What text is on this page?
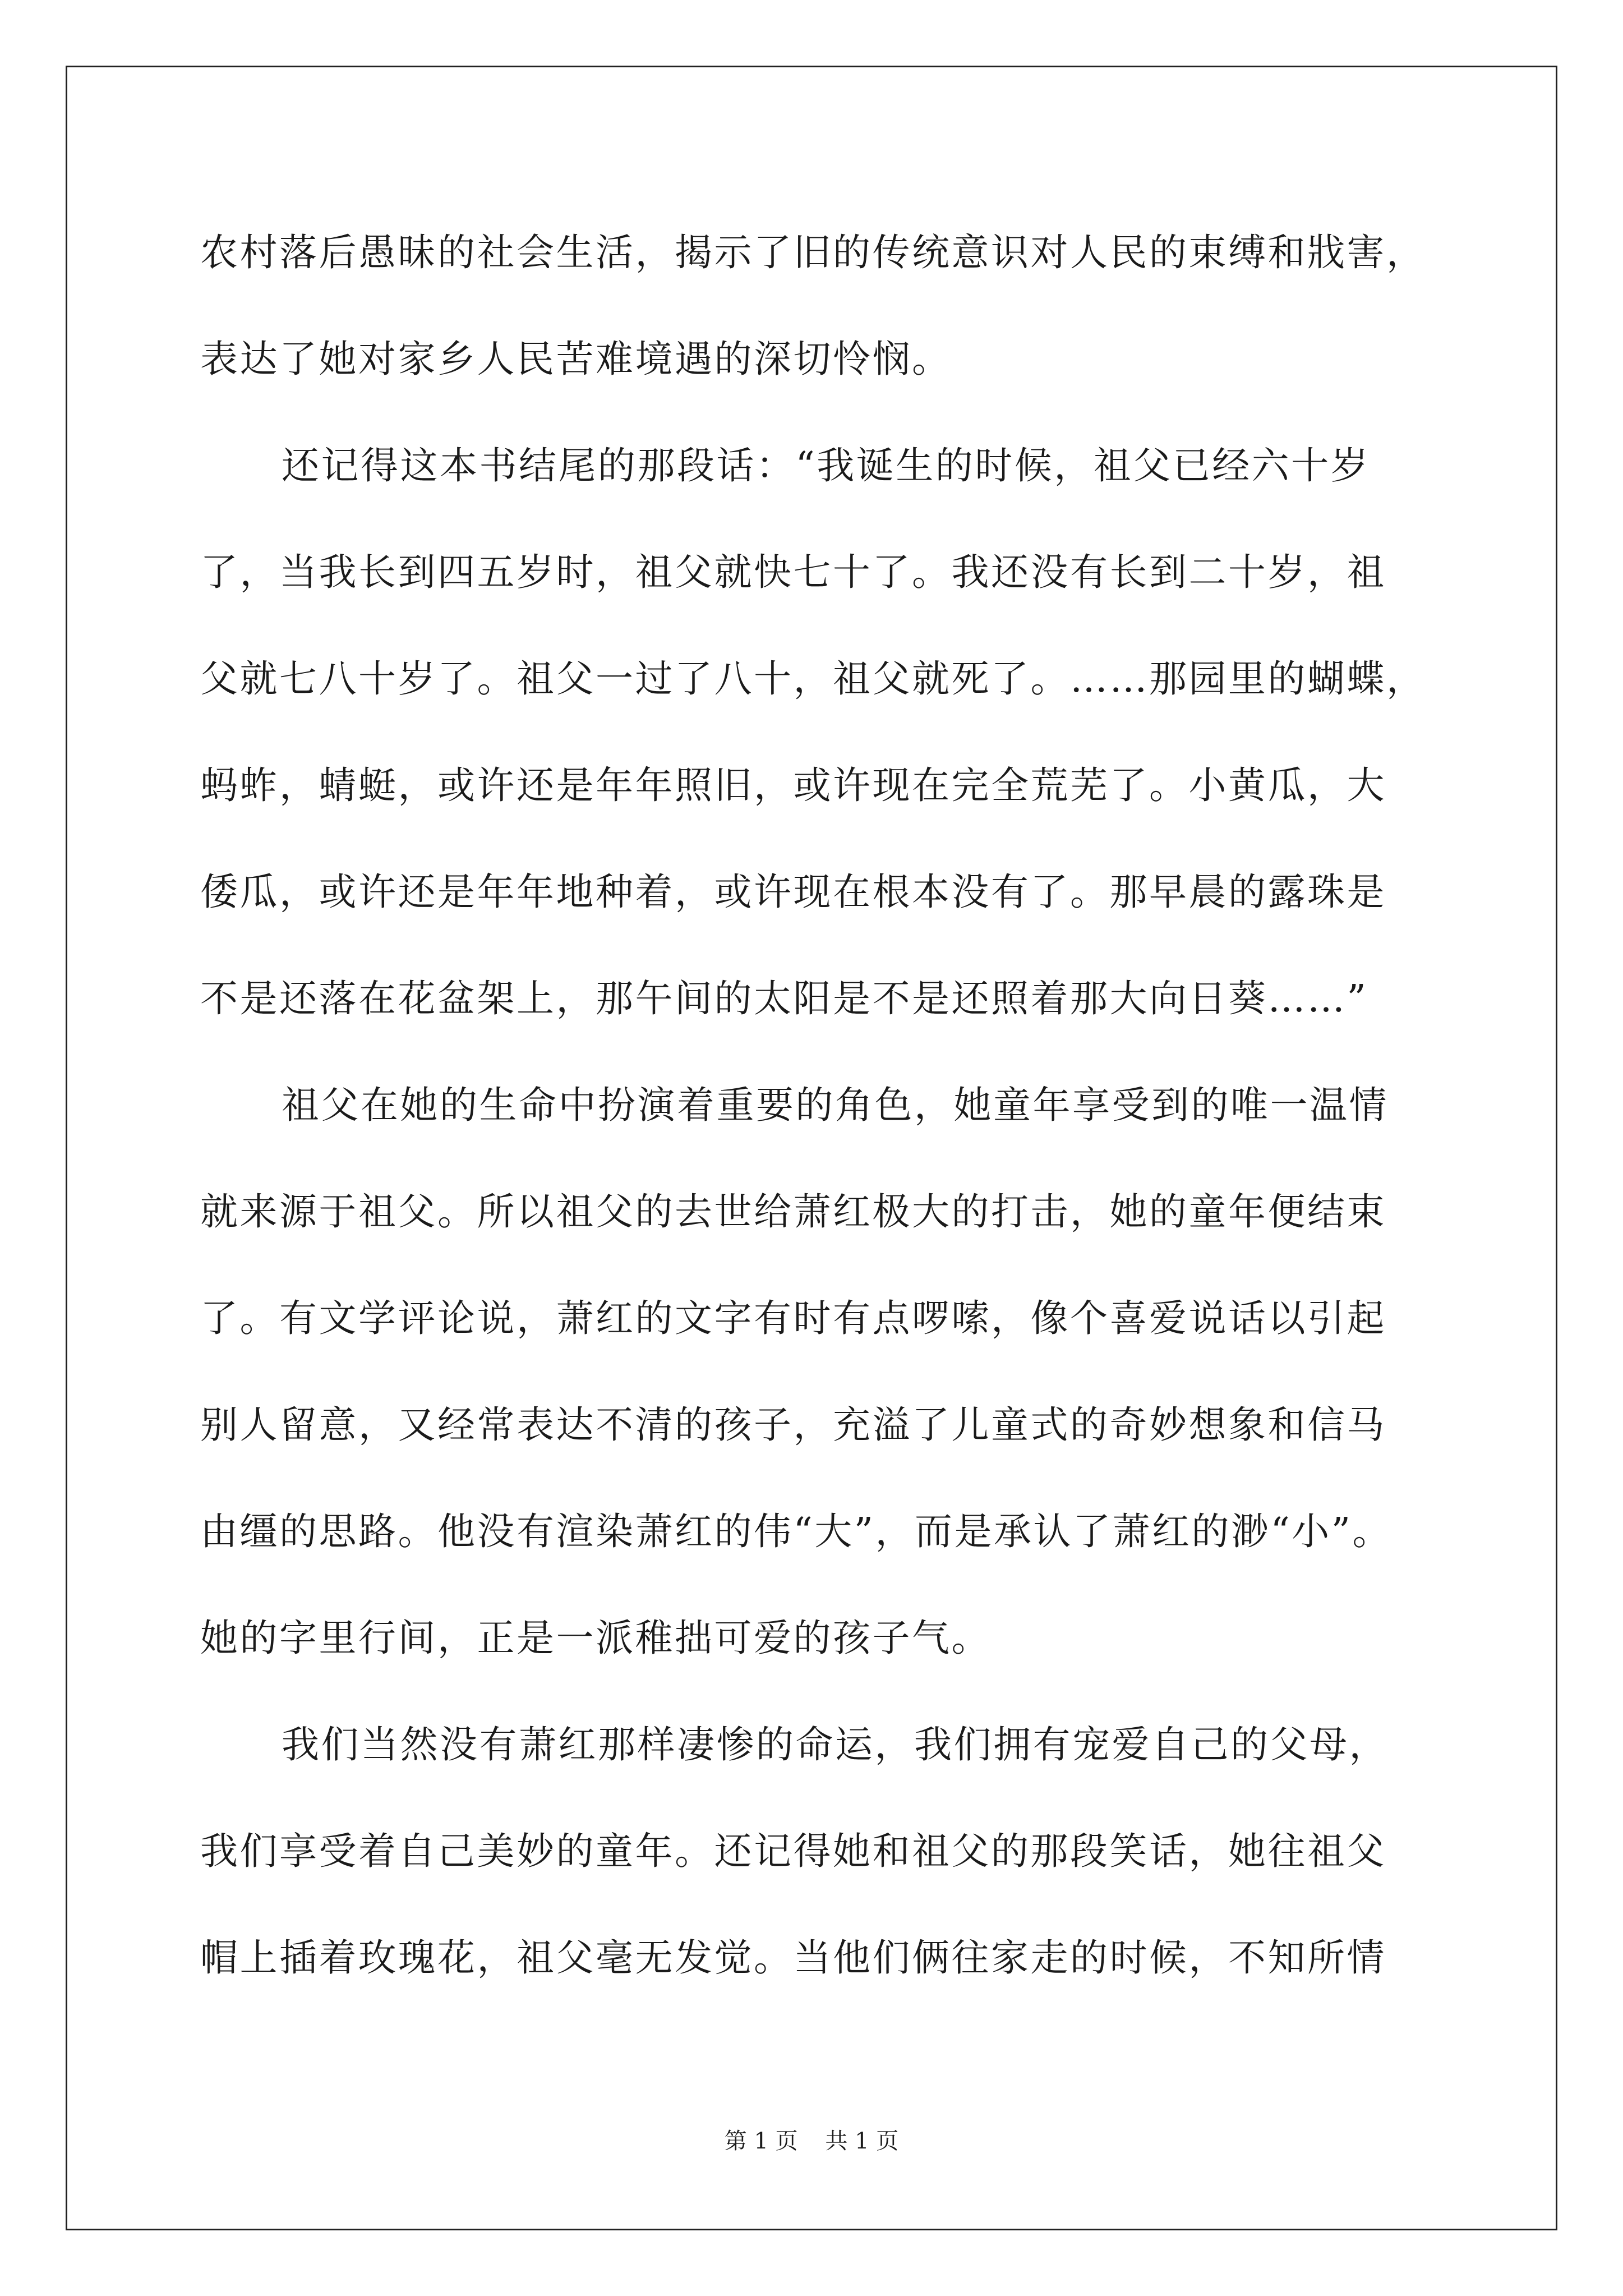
农村落后愚昧的社会生活，揭示了旧的传统意识对人民的束缚和戕害，
表达了她对家乡人民苦难境遇的深切怜悯。
还记得这本书结尾的那段话：“我诞生的时候，祖父已经六十岁
了，当我长到四五岁时，祖父就快七十了。我还没有长到二十岁，祖
父就七八十岁了。祖父一过了八十，祖父就死了。……那园里的蝴蝶，
蚂蚱，蜻蜓，或许还是年年照旧，或许现在完全荒芜了。小黄瓜，大
倭瓜，或许还是年年地种着，或许现在根本没有了。那早晨的露珠是
不是还落在花盆架上，那午间的太阳是不是还照着那大向日葵……”
祖父在她的生命中扮演着重要的角色，她童年享受到的唯一温情
就来源于祖父。所以祖父的去世给萧红极大的打击，她的童年便结束
了。有文学评论说，萧红的文字有时有点啰嗦，像个喜爱说话以引起
别人留意，又经常表达不清的孩子，充溢了儿童式的奇妙想象和信马
由缰的思路。他没有渲染萧红的伟“大”，而是承认了萧红的渺“小”。
她的字里行间，正是一派稚拙可爱的孩子气。
我们当然没有萧红那样凄惨的命运，我们拥有宠爱自己的父母，
我们享受着自己美妙的童年。还记得她和祖父的那段笑话，她往祖父
帽上插着玫瑰花，祖父毫无发觉。当他们俩往家走的时候，不知所情
第 1 页 共 1 页
